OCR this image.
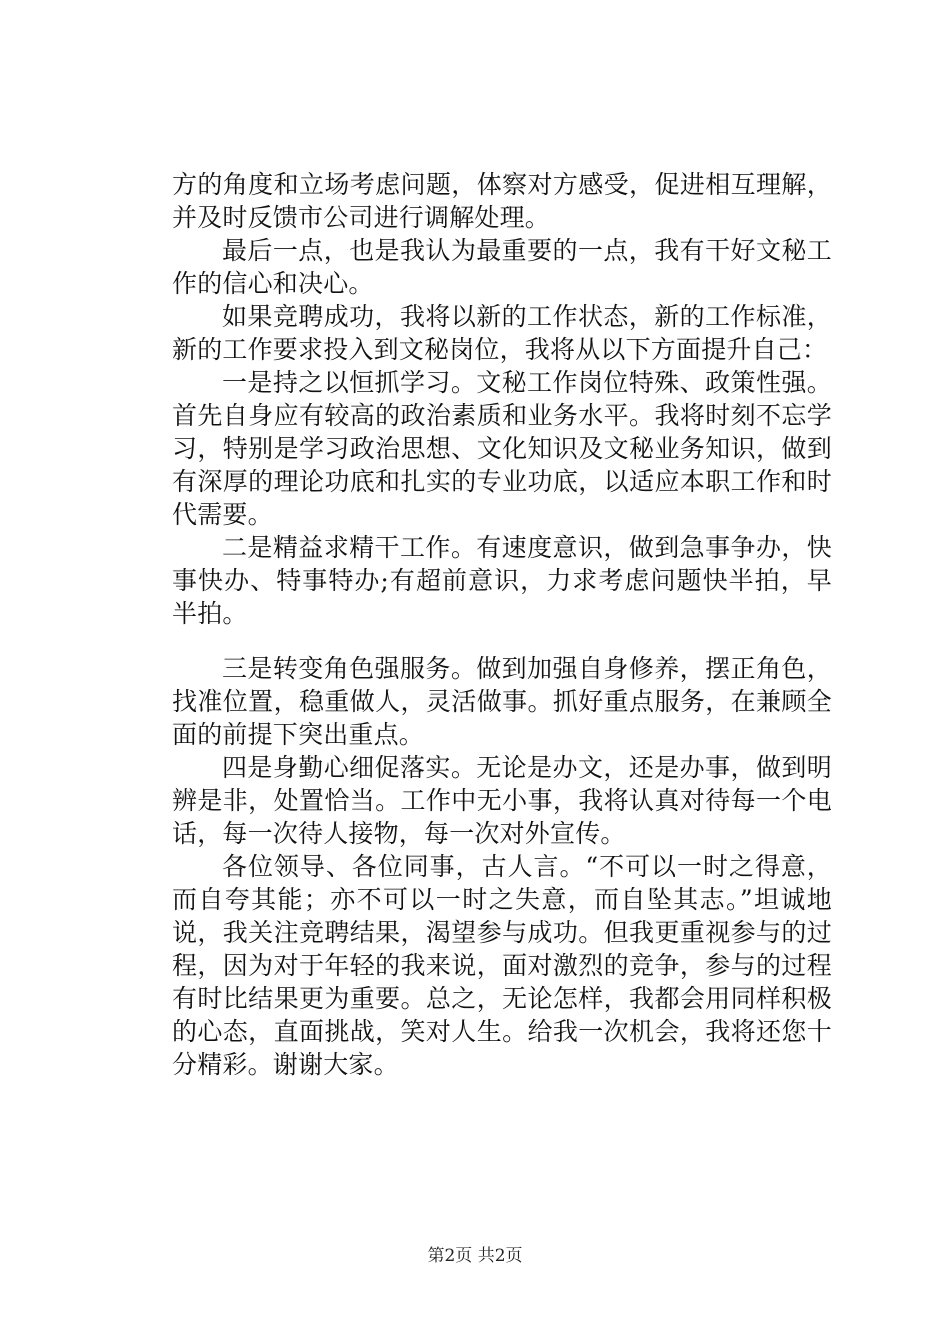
方的角度和立场考虑问题，体察对方感受，促进相互理解，并及时反馈市公司进行调解处理。

最后一点，也是我认为最重要的一点，我有干好文秘工作的信心和决心。

如果竞聘成功，我将以新的工作状态，新的工作标准，新的工作要求投入到文秘岗位，我将从以下方面提升自己：

一是持之以恒抓学习。文秘工作岗位特殊、政策性强。首先自身应有较高的政治素质和业务水平。我将时刻不忘学习，特别是学习政治思想、文化知识及文秘业务知识，做到有深厚的理论功底和扎实的专业功底，以适应本职工作和时代需要。

二是精益求精干工作。有速度意识，做到急事争办，快事快办、特事特办;有超前意识，力求考虑问题快半拍，早半拍。

三是转变角色强服务。做到加强自身修养，摆正角色，找准位置，稳重做人，灵活做事。抓好重点服务，在兼顾全面的前提下突出重点。

四是身勤心细促落实。无论是办文，还是办事，做到明辨是非，处置恰当。工作中无小事，我将认真对待每一个电话，每一次待人接物，每一次对外宣传。

各位领导、各位同事，古人言。“不可以一时之得意，而自夸其能；亦不可以一时之失意，而自坠其志。”坦诚地说，我关注竞聘结果，渴望参与成功。但我更重视参与的过程，因为对于年轻的我来说，面对激烈的竞争，参与的过程有时比结果更为重要。总之，无论怎样，我都会用同样积极的心态，直面挑战，笑对人生。给我一次机会，我将还您十分精彩。谢谢大家。

第2页 共2页
